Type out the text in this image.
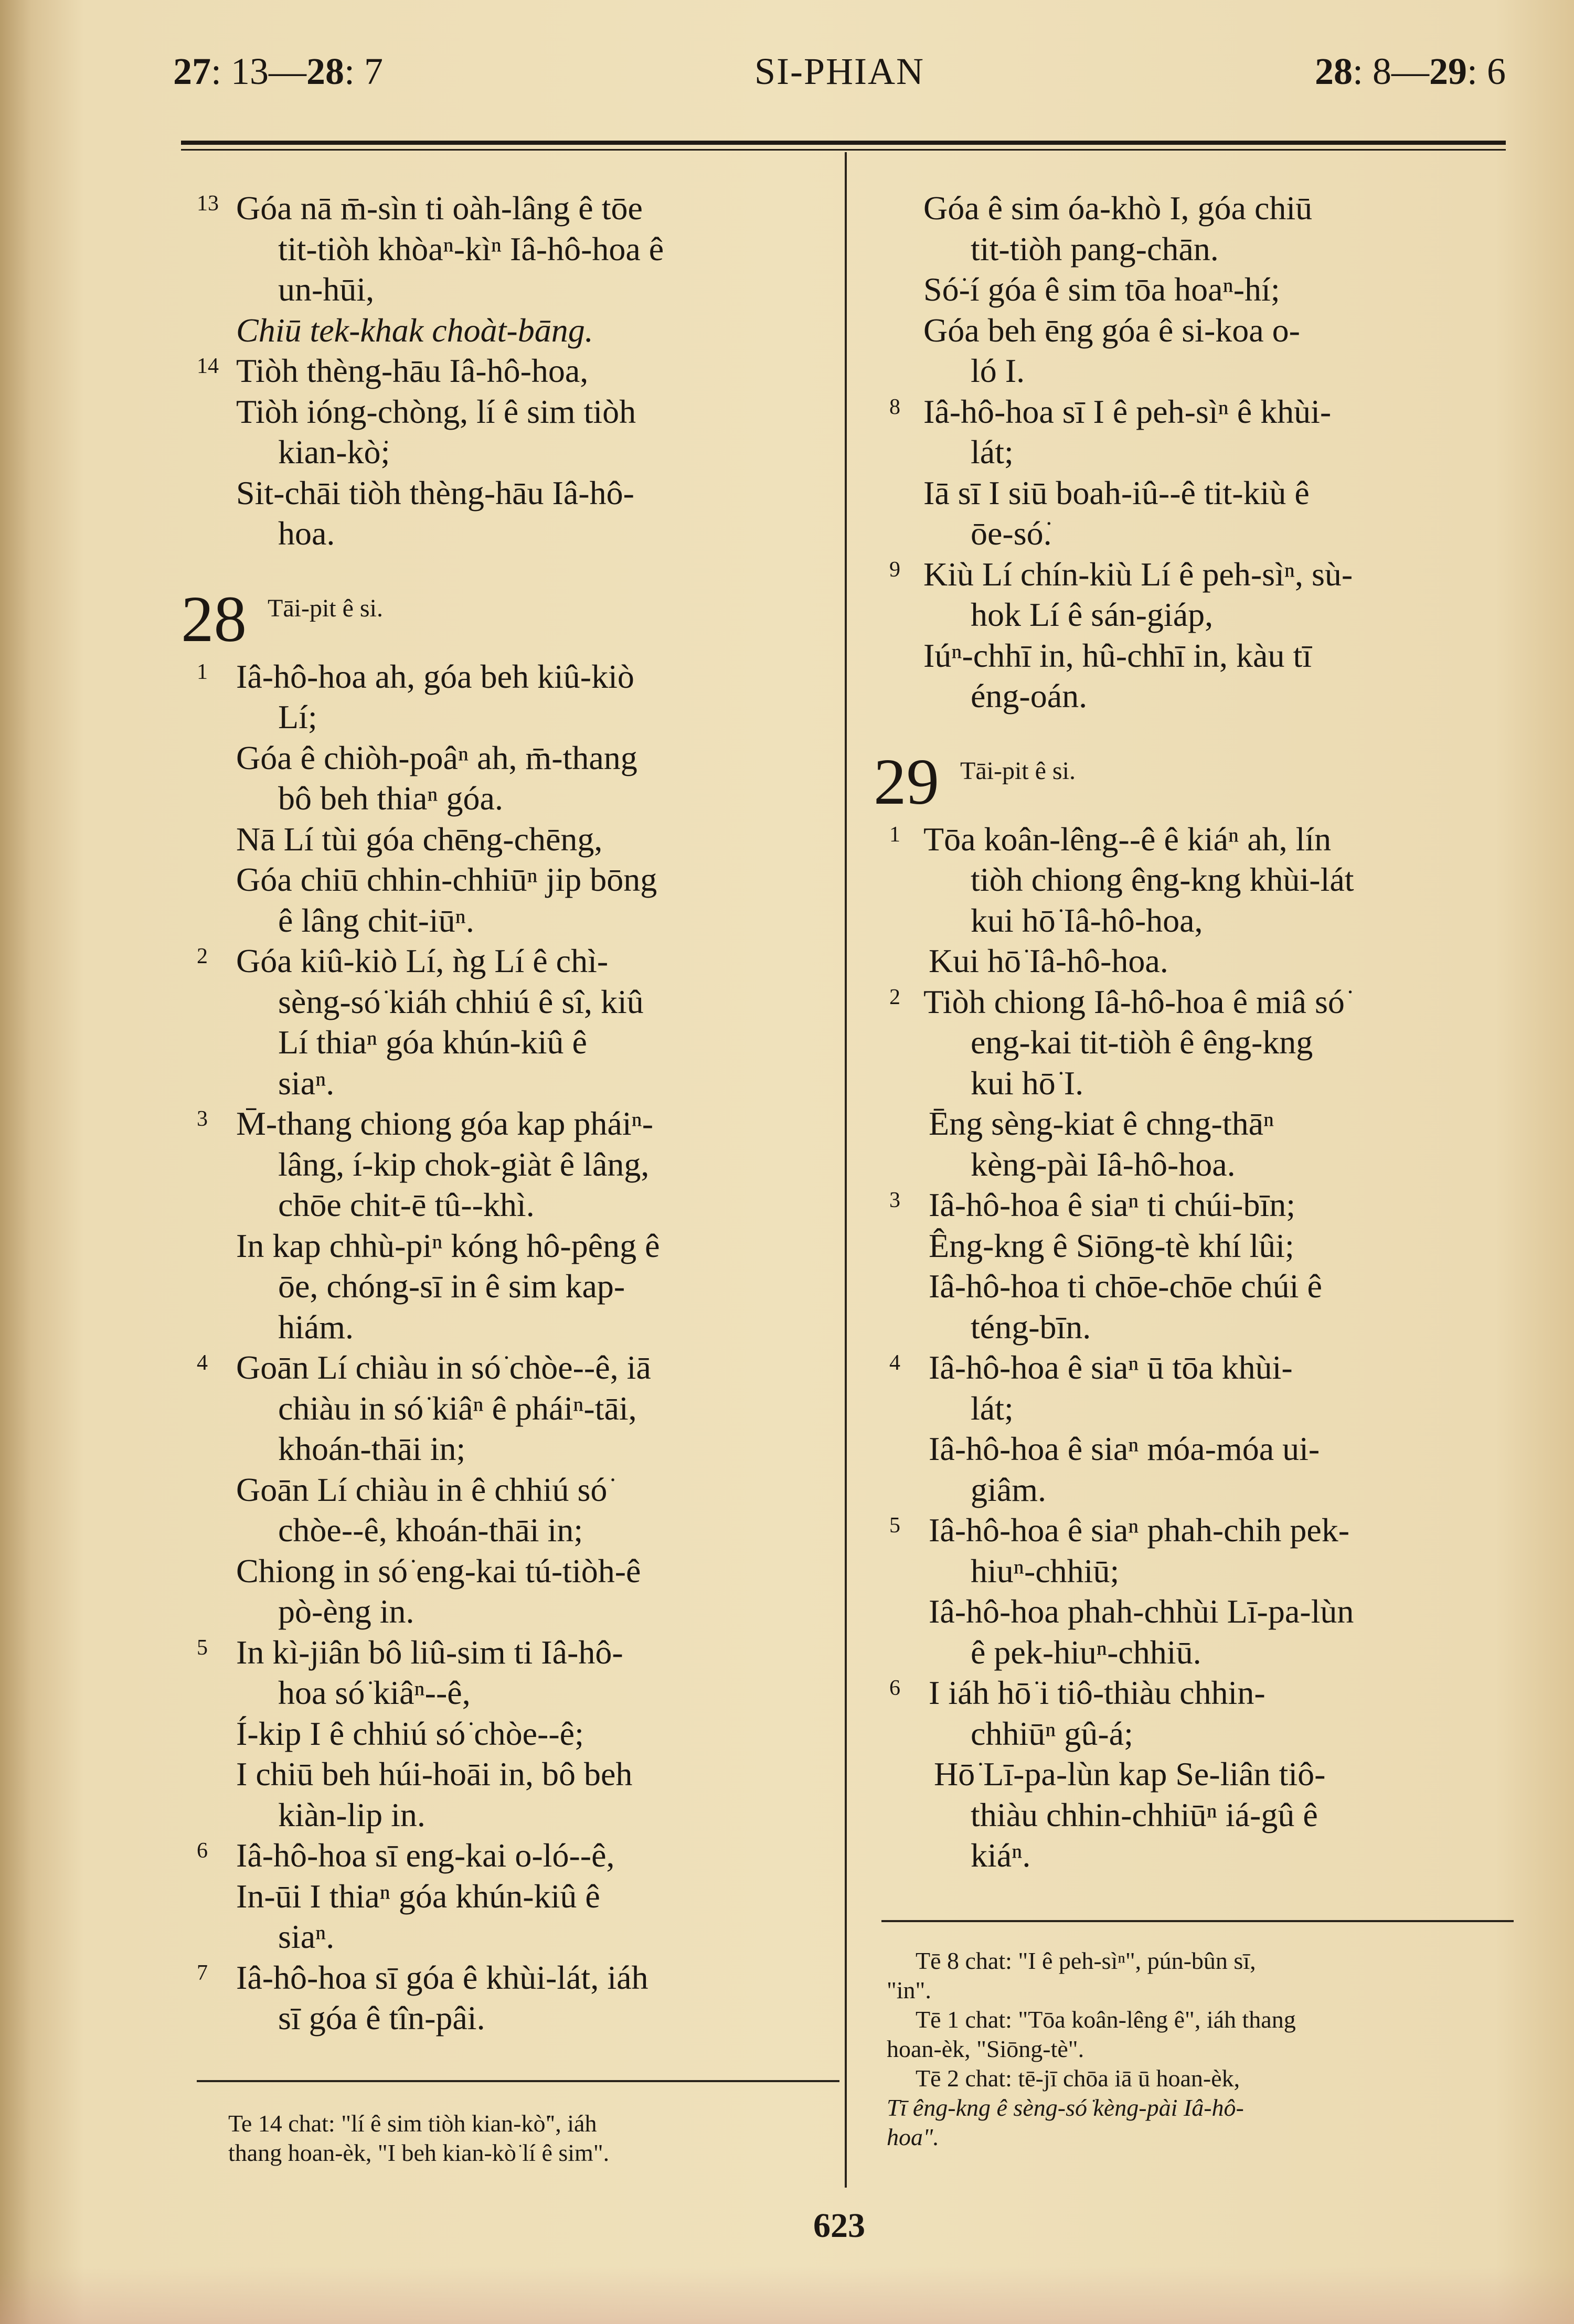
27: 13—28: 7	SI-PHIAN	28: 8—29: 6
13 Góa nā m̄-sìn ti oàh-lâng ê tōe
tit-tiòh khòaⁿ-kìⁿ Iâ-hô-hoa ê
un-hūi,
Chiū tek-khak choàt-bāng.
14 Tiòh thèng-hāu Iâ-hô-hoa,
Tiòh ióng-chòng, lí ê sim tiòh
kian-kò͘;
Sit-chāi tiòh thèng-hāu Iâ-hô-
hoa.
28 Tāi-pit ê si.
1 Iâ-hô-hoa ah, góa beh kiû-kiò
Lí;
Góa ê chiòh-poâⁿ ah, m̄-thang
bô beh thiaⁿ góa.
Nā Lí tùi góa chēng-chēng,
Góa chiū chhin-chhiūⁿ jip bōng
ê lâng chit-iūⁿ.
2 Góa kiû-kiò Lí, ǹg Lí ê chì-
sèng-só͘ kiáh chhiú ê sî, kiû
Lí thiaⁿ góa khún-kiû ê
siaⁿ.
3 M̄-thang chiong góa kap pháiⁿ-
lâng, í-kip chok-giàt ê lâng,
chōe chit-ē tû--khì.
In kap chhù-piⁿ kóng hô-pêng ê
ōe, chóng-sī in ê sim kap-
hiám.
4 Goān Lí chiàu in só͘ chòe--ê, iā
chiàu in só͘ kiâⁿ ê pháiⁿ-tāi,
khoán-thāi in;
Goān Lí chiàu in ê chhiú só͘
chòe--ê, khoán-thāi in;
Chiong in só͘ eng-kai tú-tiòh-ê
pò-èng in.
5 In kì-jiân bô liû-sim ti Iâ-hô-
hoa só͘ kiâⁿ--ê,
Í-kip I ê chhiú só͘ chòe--ê;
I chiū beh húi-hoāi in, bô beh
kiàn-lip in.
6 Iâ-hô-hoa sī eng-kai o-ló--ê,
In-ūi I thiaⁿ góa khún-kiû ê
siaⁿ.
7 Iâ-hô-hoa sī góa ê khùi-lát, iáh
sī góa ê tîn-pâi.
Te 14 chat: "lí ê sim tiòh kian-kò͘", iáh
thang hoan-èk, "I beh kian-kò͘ lí ê sim".
Góa ê sim óa-khò I, góa chiū
tit-tiòh pang-chān.
Só͘-í góa ê sim tōa hoaⁿ-hí;
Góa beh ēng góa ê si-koa o-
ló I.
8 Iâ-hô-hoa sī I ê peh-sìⁿ ê khùi-
lát;
Iā sī I siū boah-iû--ê tit-kiù ê
ōe-só͘.
9 Kiù Lí chín-kiù Lí ê peh-sìⁿ, sù-
hok Lí ê sán-giáp,
Iúⁿ-chhī in, hû-chhī in, kàu tī
éng-oán.
29 Tāi-pit ê si.
1 Tōa koân-lêng--ê ê kiáⁿ ah, lín
tiòh chiong êng-kng khùi-lát
kui hō͘ Iâ-hô-hoa,
Kui hō͘ Iâ-hô-hoa.
2 Tiòh chiong Iâ-hô-hoa ê miâ só͘
eng-kai tit-tiòh ê êng-kng
kui hō͘ I.
Ēng sèng-kiat ê chng-thāⁿ
kèng-pài Iâ-hô-hoa.
3 Iâ-hô-hoa ê siaⁿ ti chúi-bīn;
Êng-kng ê Siōng-tè khí lûi;
Iâ-hô-hoa ti chōe-chōe chúi ê
téng-bīn.
4 Iâ-hô-hoa ê siaⁿ ū tōa khùi-
lát;
Iâ-hô-hoa ê siaⁿ móa-móa ui-
giâm.
5 Iâ-hô-hoa ê siaⁿ phah-chih pek-
hiuⁿ-chhiū;
Iâ-hô-hoa phah-chhùi Lī-pa-lùn
ê pek-hiuⁿ-chhiū.
6 I iáh hō͘ i tiô-thiàu chhin-
chhiūⁿ gû-á;
Hō͘ Lī-pa-lùn kap Se-liân tiô-
thiàu chhin-chhiūⁿ iá-gû ê
kiáⁿ.
Tē 8 chat: "I ê peh-sìⁿ", pún-bûn sī,
"in".
Tē 1 chat: "Tōa koân-lêng ê", iáh thang
hoan-èk, "Siōng-tè".
Tē 2 chat: tē-jī chōa iā ū hoan-èk,
Tī êng-kng ê sèng-só͘ kèng-pài Iâ-hô-
hoa".
623
